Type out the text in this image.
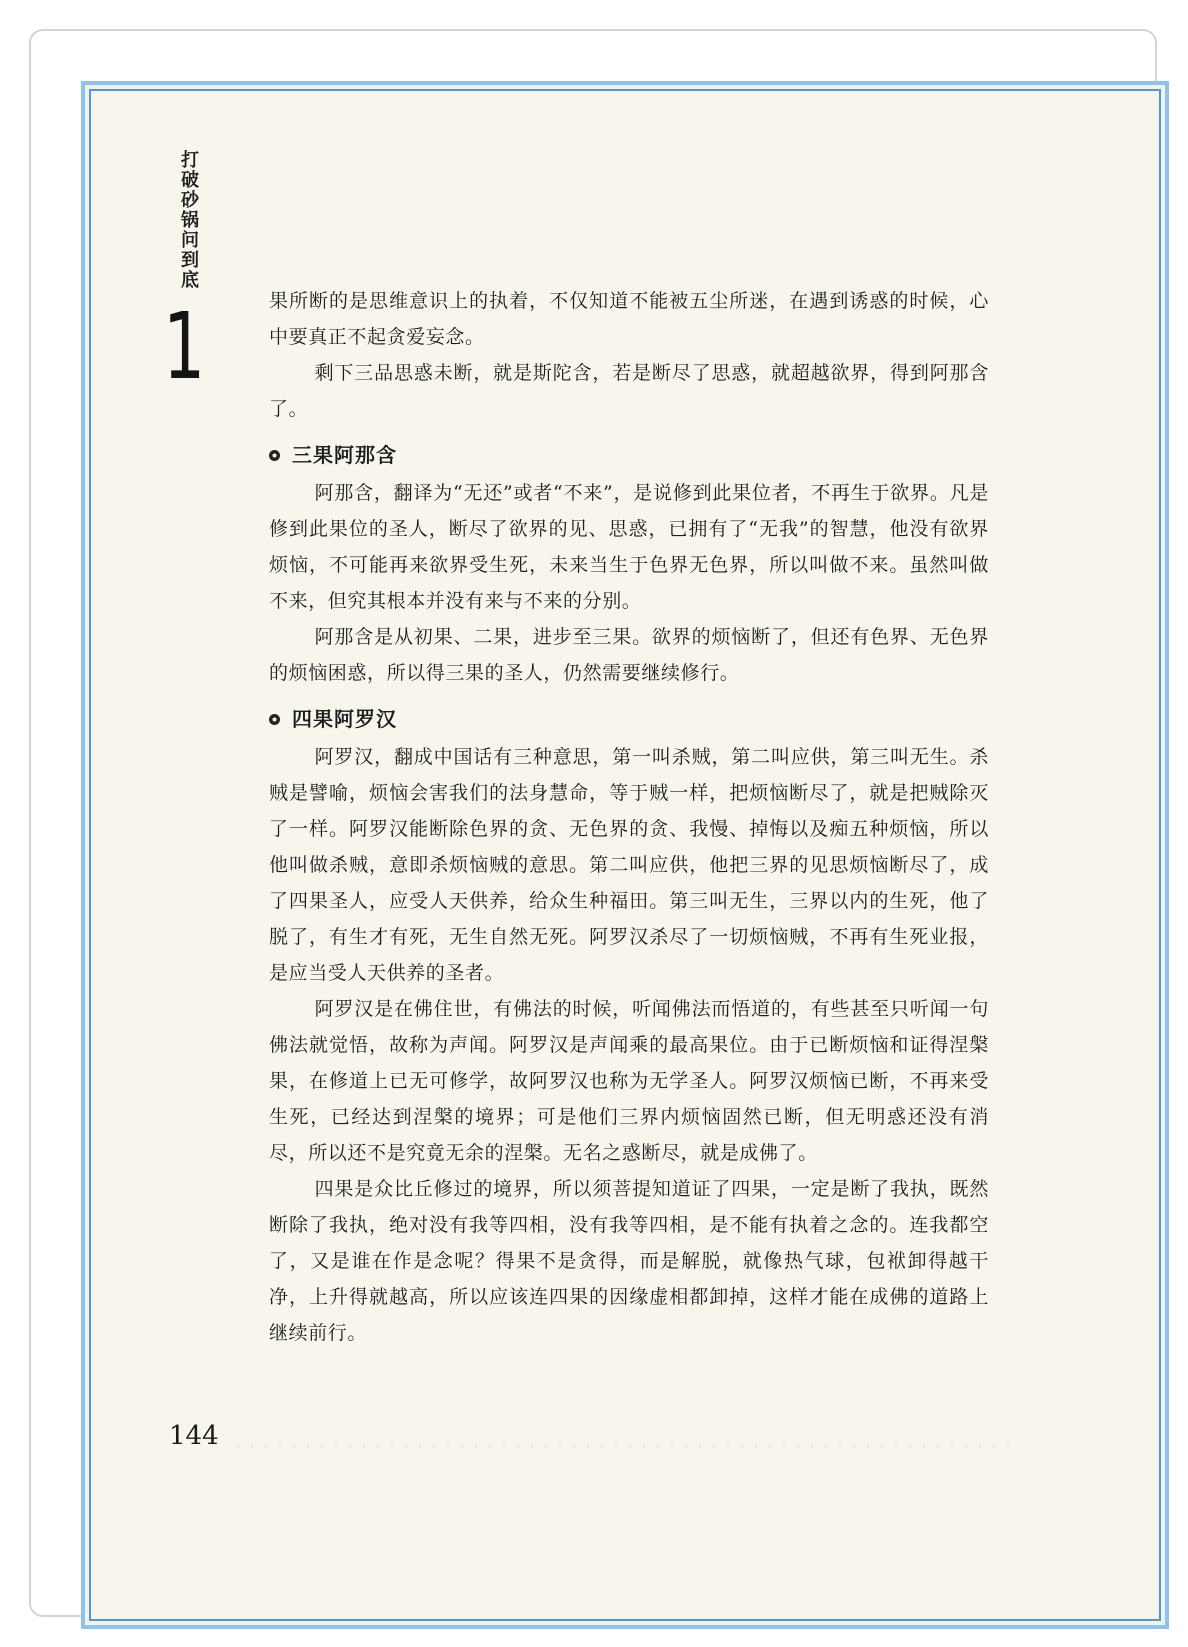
打破砂锅问到底
1	果所断的是思维意识上的执着，不仅知道不能被五尘所迷，在遇到诱惑的时候，心中要真正不起贪爱妄念。

剩下三品思惑未断，就是斯陀含，若是断尽了思惑，就超越欲界，得到阿那含了。

三果阿那含

阿那含，翻译为“无还”或者“不来”，是说修到此果位者，不再生于欲界。凡是修到此果位的圣人，断尽了欲界的见、思惑，已拥有了“无我”的智慧，他没有欲界烦恼，不可能再来欲界受生死，未来当生于色界无色界，所以叫做不来。虽然叫做不来，但究其根本并没有来与不来的分别。

阿那含是从初果、二果，进步至三果。欲界的烦恼断了，但还有色界、无色界的烦恼困惑，所以得三果的圣人，仍然需要继续修行。

四果阿罗汉

阿罗汉，翻成中国话有三种意思，第一叫杀贼，第二叫应供，第三叫无生。杀贼是譬喻，烦恼会害我们的法身慧命，等于贼一样，把烦恼断尽了，就是把贼除灭了一样。阿罗汉能断除色界的贪、无色界的贪、我慢、掉悔以及痴五种烦恼，所以他叫做杀贼，意即杀烦恼贼的意思。第二叫应供，他把三界的见思烦恼断尽了，成了四果圣人，应受人天供养，给众生种福田。第三叫无生，三界以内的生死，他了脱了，有生才有死，无生自然无死。阿罗汉杀尽了一切烦恼贼，不再有生死业报，是应当受人天供养的圣者。

阿罗汉是在佛住世，有佛法的时候，听闻佛法而悟道的，有些甚至只听闻一句佛法就觉悟，故称为声闻。阿罗汉是声闻乘的最高果位。由于已断烦恼和证得涅槃果，在修道上已无可修学，故阿罗汉也称为无学圣人。阿罗汉烦恼已断，不再来受生死，已经达到涅槃的境界；可是他们三界内烦恼固然已断，但无明惑还没有消尽，所以还不是究竟无余的涅槃。无名之惑断尽，就是成佛了。

四果是众比丘修过的境界，所以须菩提知道证了四果，一定是断了我执，既然断除了我执，绝对没有我等四相，没有我等四相，是不能有执着之念的。连我都空了，又是谁在作是念呢？得果不是贪得，而是解脱，就像热气球，包袱卸得越干净，上升得就越高，所以应该连四果的因缘虚相都卸掉，这样才能在成佛的道路上继续前行。

144
